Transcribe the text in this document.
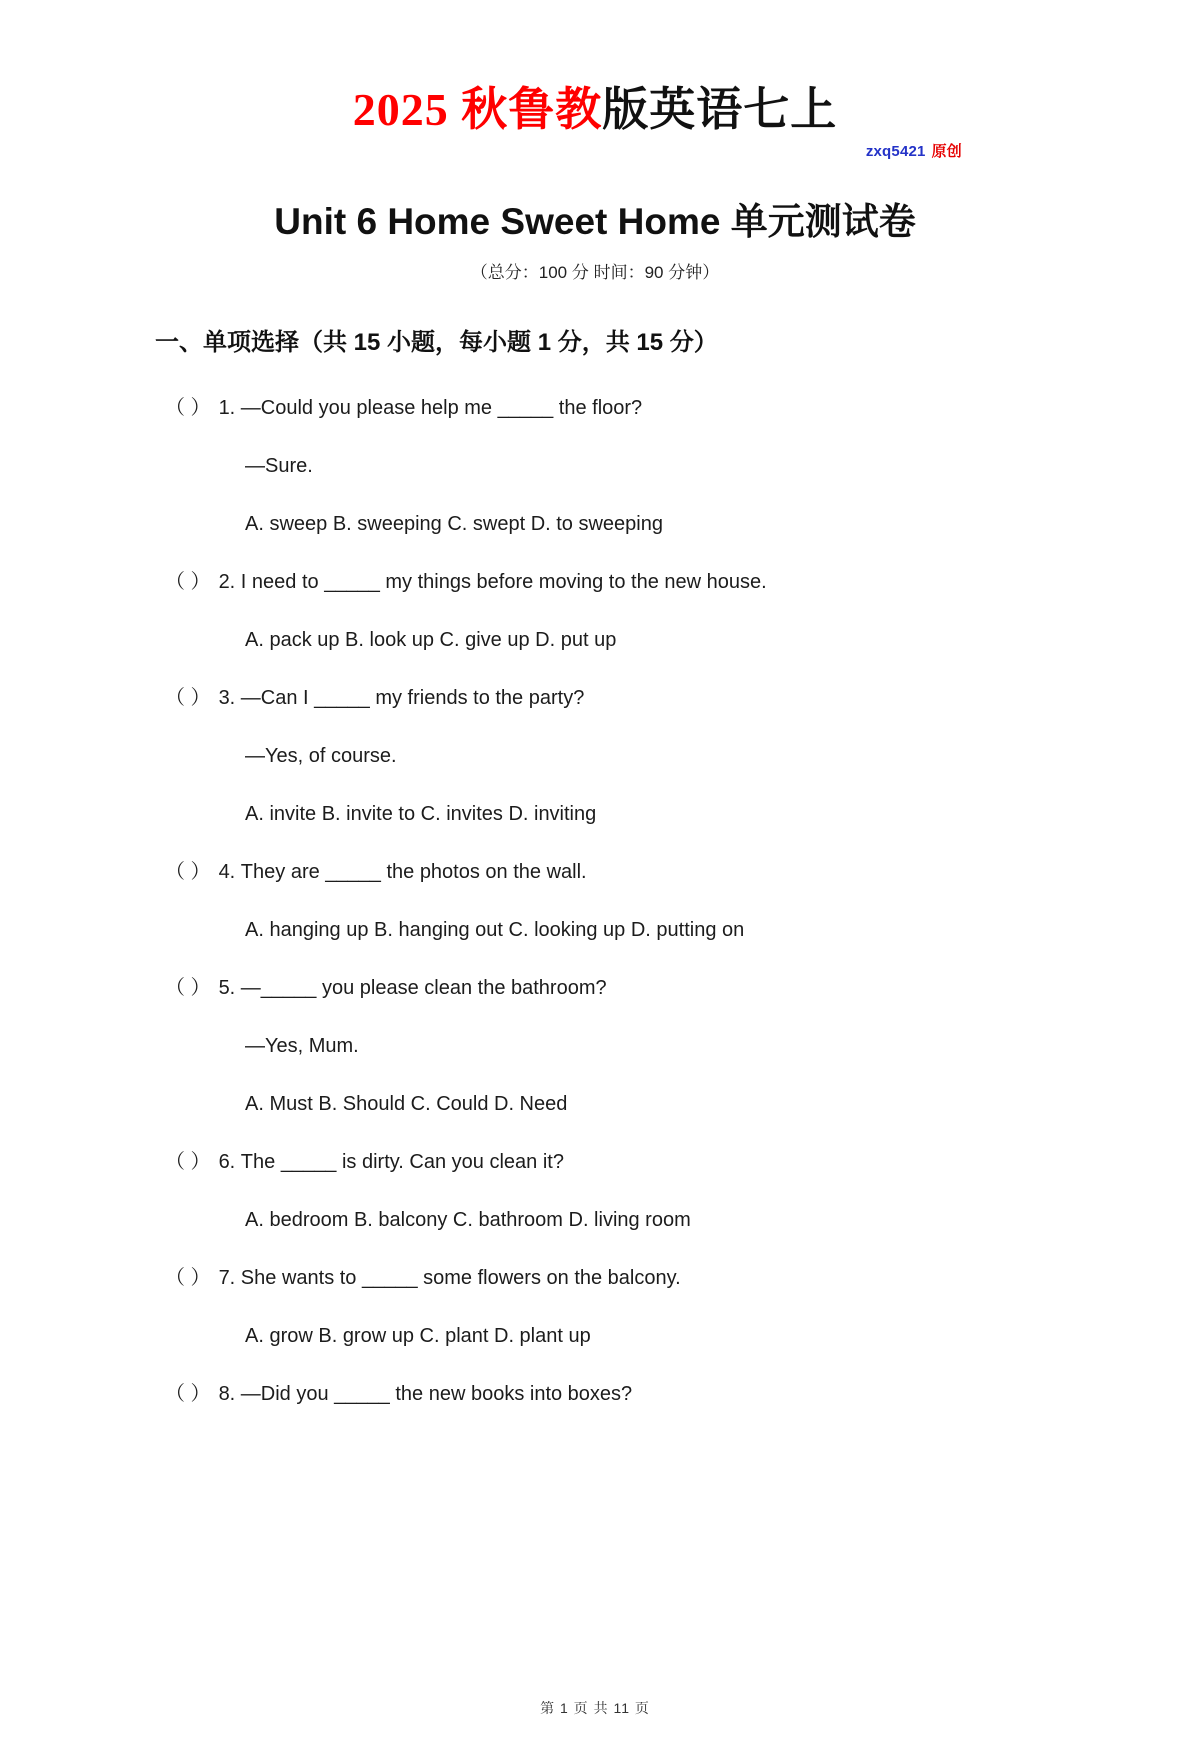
zxq5421 原创
2025 秋鲁教版英语七上
Unit 6 Home Sweet Home 单元测试卷
（总分：100 分 时间：90 分钟）
一、单项选择（共 15 小题，每小题 1 分，共 15 分）
（ ） 1. —Could you please help me _____ the floor?
—Sure.
A. sweep B. sweeping C. swept D. to sweeping
（ ） 2. I need to _____ my things before moving to the new house.
A. pack up B. look up C. give up D. put up
（ ） 3. —Can I _____ my friends to the party?
—Yes, of course.
A. invite B. invite to C. invites D. inviting
（ ） 4. They are _____ the photos on the wall.
A. hanging up B. hanging out C. looking up D. putting on
（ ） 5. —_____ you please clean the bathroom?
—Yes, Mum.
A. Must B. Should C. Could D. Need
（ ） 6. The _____ is dirty. Can you clean it?
A. bedroom B. balcony C. bathroom D. living room
（ ） 7. She wants to _____ some flowers on the balcony.
A. grow B. grow up C. plant D. plant up
（ ） 8. —Did you _____ the new books into boxes?
第 1 页 共 11 页
